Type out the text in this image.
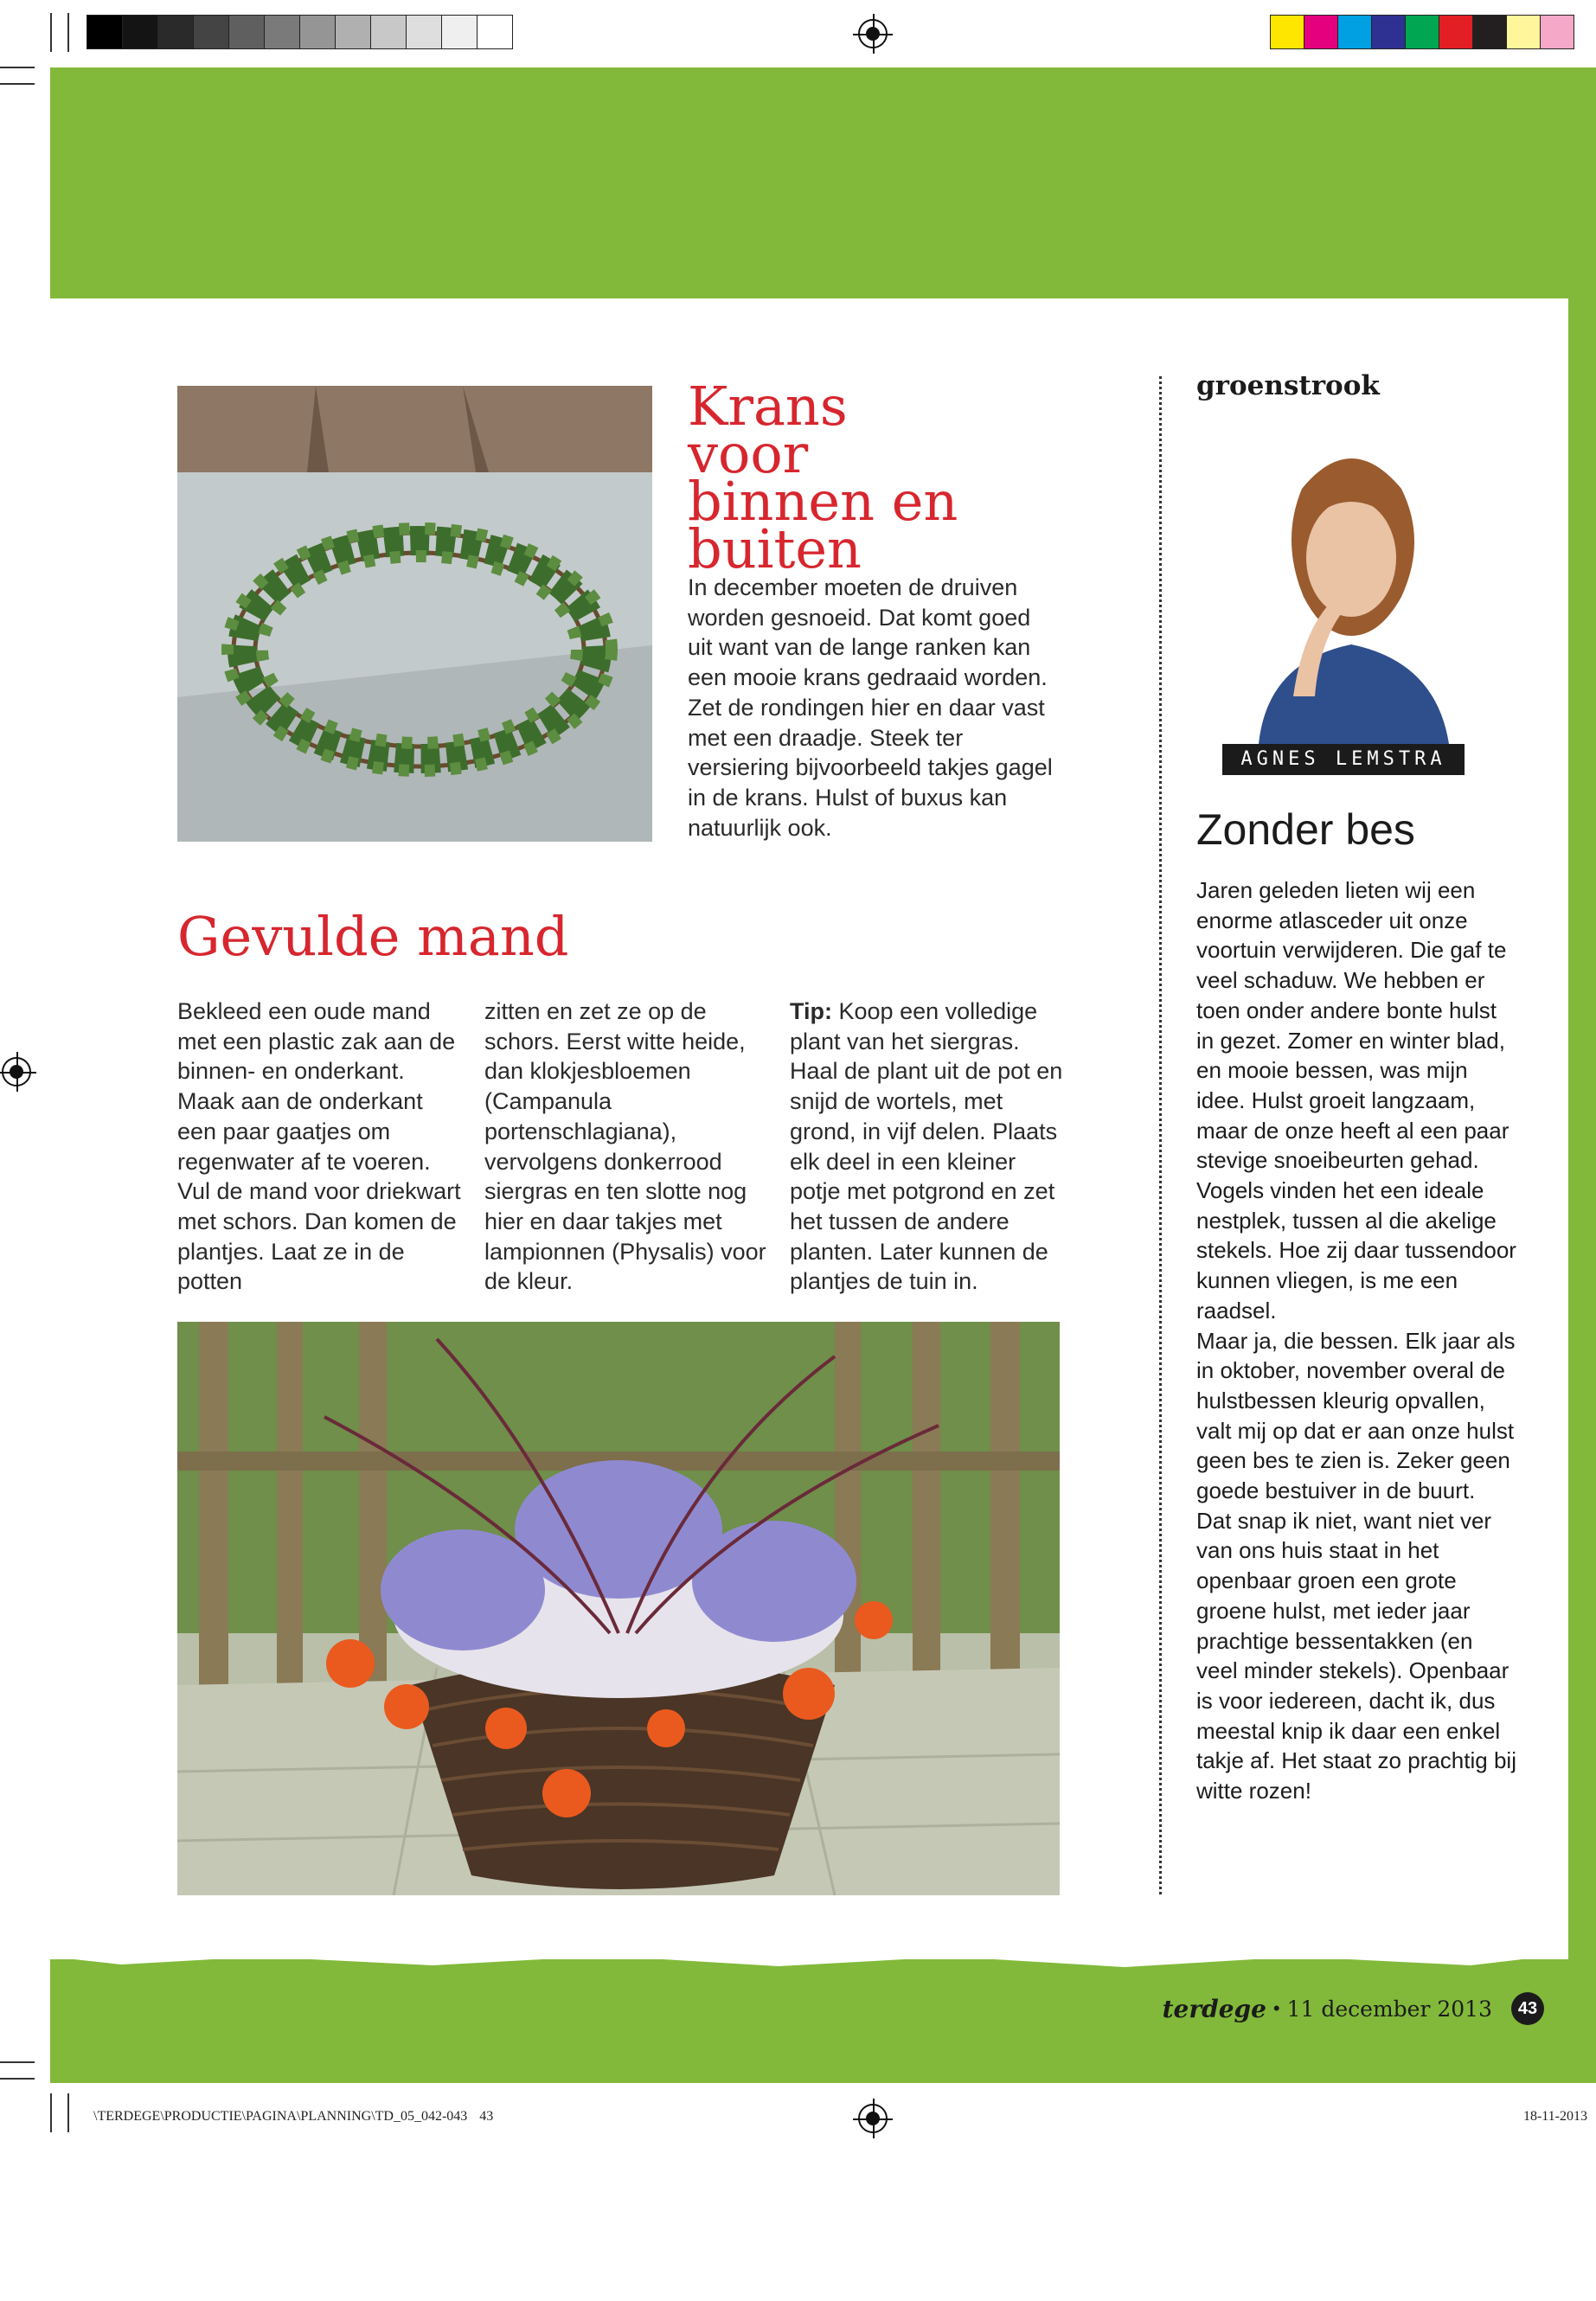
Krans voor binnen en buiten

In december moeten de druiven worden gesnoeid. Dat komt goed uit want van de lange ranken kan een mooie krans gedraaid worden. Zet de rondingen hier en daar vast met een draadje. Steek ter versiering bijvoorbeeld takjes gagel in de krans. Hulst of buxus kan natuurlijk ook.

Gevulde mand

Bekleed een oude mand met een plastic zak aan de binnen- en onderkant. Maak aan de onderkant een paar gaatjes om regenwater af te voeren. Vul de mand voor driekwart met schors. Dan komen de plantjes. Laat ze in de potten

zitten en zet ze op de schors. Eerst witte heide, dan klokjesbloemen (Campanula portenschlagiana), vervolgens donkerrood siergras en ten slotte nog hier en daar takjes met lampionnen (Physalis) voor de kleur.

Tip: Koop een volledige plant van het siergras. Haal de plant uit de pot en snijd de wortels, met grond, in vijf delen. Plaats elk deel in een kleiner potje met potgrond en zet het tussen de andere planten. Later kunnen de plantjes de tuin in.

groenstrook
AGNES LEMSTRA
Zonder bes
Jaren geleden lieten wij een enorme atlasceder uit onze voortuin verwijderen. Die gaf te veel schaduw. We hebben er toen onder andere bonte hulst in gezet. Zomer en winter blad, en mooie bessen, was mijn idee. Hulst groeit langzaam, maar de onze heeft al een paar stevige snoeibeurten gehad. Vogels vinden het een ideale nestplek, tussen al die akelige stekels. Hoe zij daar tussendoor kunnen vliegen, is me een raadsel.
Maar ja, die bessen. Elk jaar als in oktober, november overal de hulstbessen kleurig opvallen, valt mij op dat er aan onze hulst geen bes te zien is. Zeker geen goede bestuiver in de buurt. Dat snap ik niet, want niet ver van ons huis staat in het openbaar groen een grote groene hulst, met ieder jaar prachtige bessentakken (en veel minder stekels). Openbaar is voor iedereen, dacht ik, dus meestal knip ik daar een enkel takje af. Het staat zo prachtig bij witte rozen!
terdege • 11 december 2013	43
\TERDEGE\PRODUCTIE\PAGINA\PLANNING\TD_05_042-043 43	18-11-2013
